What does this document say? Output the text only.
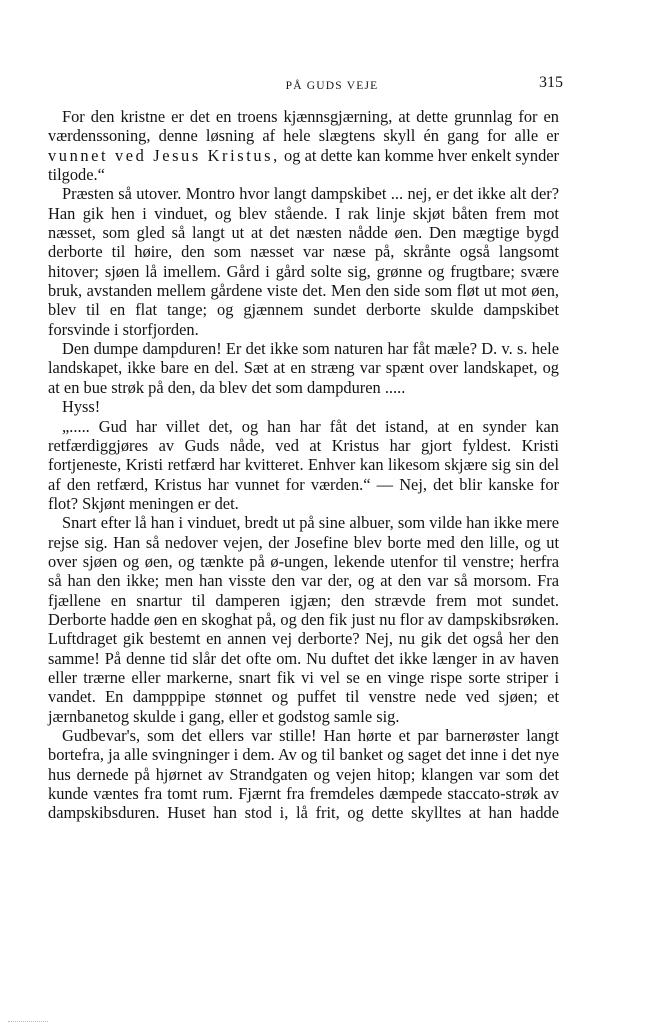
PÅ GUDS VEJE	315

For den kristne er det en troens kjænnsgjærning, at dette grunnlag for en værdenssoning, denne løsning af hele slægtens skyll én gang for alle er vunnet ved Jesus Kristus, og at dette kan komme hver enkelt synder tilgode.“

Præsten så utover. Montro hvor langt dampskibet ... nej, er det ikke alt der? Han gik hen i vinduet, og blev stående. I rak linje skjøt båten frem mot næsset, som gled så langt ut at det næsten nådde øen. Den mægtige bygd derborte til høire, den som næsset var næse på, skrånte også langsomt hitover; sjøen lå imellem. Gård i gård solte sig, grønne og frugtbare; svære bruk, avstanden mellem gårdene viste det. Men den side som fløt ut mot øen, blev til en flat tange; og gjænnem sundet derborte skulde dampskibet forsvinde i storfjorden.

Den dumpe dampduren! Er det ikke som naturen har fåt mæle? D. v. s. hele landskapet, ikke bare en del. Sæt at en stræng var spænt over landskapet, og at en bue strøk på den, da blev det som dampduren .....

Hyss!

„..... Gud har villet det, og han har fåt det istand, at en synder kan retfærdiggjøres av Guds nåde, ved at Kristus har gjort fyldest. Kristi fortjeneste, Kristi retfærd har kvitteret. Enhver kan likesom skjære sig sin del af den retfærd, Kristus har vunnet for værden.“ — Nej, det blir kanske for flot? Skjønt meningen er det.

Snart efter lå han i vinduet, bredt ut på sine albuer, som vilde han ikke mere rejse sig. Han så nedover vejen, der Josefine blev borte med den lille, og ut over sjøen og øen, og tænkte på ø-ungen, lekende utenfor til venstre; herfra så han den ikke; men han visste den var der, og at den var så morsom. Fra fjællene en snartur til damperen igjæn; den strævde frem mot sundet. Derborte hadde øen en skoghat på, og den fik just nu flor av dampskibsrøken. Luftdraget gik bestemt en annen vej derborte? Nej, nu gik det også her den samme! På denne tid slår det ofte om. Nu duftet det ikke længer in av haven eller trærne eller markerne, snart fik vi vel se en vinge rispe sorte striper i vandet. En dampppipe stønnet og puffet til venstre nede ved sjøen; et jærnbanetog skulde i gang, eller et godstog samle sig.

Gudbevar's, som det ellers var stille! Han hørte et par barnerøster langt bortefra, ja alle svingninger i dem. Av og til banket og saget det inne i det nye hus dernede på hjørnet av Strandgaten og vejen hitop; klangen var som det kunde væntes fra tomt rum. Fjærnt fra fremdeles dæmpede staccato-strøk av dampskibsduren. Huset han stod i, lå frit, og dette skylltes at han hadde
